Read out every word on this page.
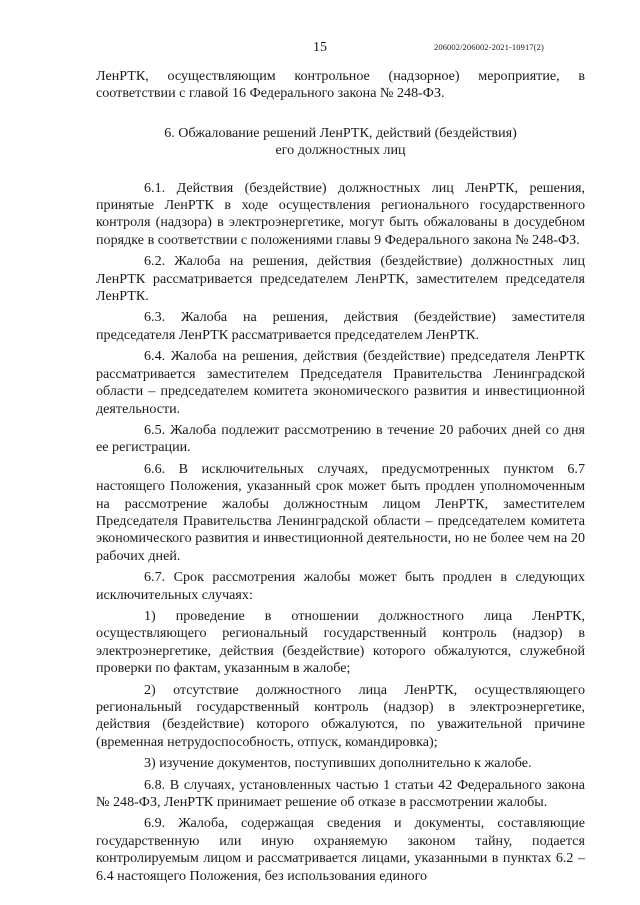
15	206002/206002-2021-10917(2)

ЛенРТК, осуществляющим контрольное (надзорное) мероприятие, в соответствии с главой 16 Федерального закона № 248-ФЗ.

6. Обжалование решений ЛенРТК, действий (бездействия)
его должностных лиц

6.1. Действия (бездействие) должностных лиц ЛенРТК, решения, принятые ЛенРТК в ходе осуществления регионального государственного контроля (надзора) в электроэнергетике, могут быть обжалованы в досудебном порядке в соответствии с положениями главы 9 Федерального закона № 248-ФЗ.

6.2. Жалоба на решения, действия (бездействие) должностных лиц ЛенРТК рассматривается председателем ЛенРТК, заместителем председателя ЛенРТК.

6.3. Жалоба на решения, действия (бездействие) заместителя председателя ЛенРТК рассматривается председателем ЛенРТК.

6.4. Жалоба на решения, действия (бездействие) председателя ЛенРТК рассматривается заместителем Председателя Правительства Ленинградской области – председателем комитета экономического развития и инвестиционной деятельности.

6.5. Жалоба подлежит рассмотрению в течение 20 рабочих дней со дня ее регистрации.

6.6. В исключительных случаях, предусмотренных пунктом 6.7 настоящего Положения, указанный срок может быть продлен уполномоченным на рассмотрение жалобы должностным лицом ЛенРТК, заместителем Председателя Правительства Ленинградской области – председателем комитета экономического развития и инвестиционной деятельности, но не более чем на 20 рабочих дней.

6.7. Срок рассмотрения жалобы может быть продлен в следующих исключительных случаях:

1) проведение в отношении должностного лица ЛенРТК, осуществляющего региональный государственный контроль (надзор) в электроэнергетике, действия (бездействие) которого обжалуются, служебной проверки по фактам, указанным в жалобе;

2) отсутствие должностного лица ЛенРТК, осуществляющего региональный государственный контроль (надзор) в электроэнергетике, действия (бездействие) которого обжалуются, по уважительной причине (временная нетрудоспособность, отпуск, командировка);

3) изучение документов, поступивших дополнительно к жалобе.

6.8. В случаях, установленных частью 1 статьи 42 Федерального закона № 248-ФЗ, ЛенРТК принимает решение об отказе в рассмотрении жалобы.

6.9. Жалоба, содержащая сведения и документы, составляющие государственную или иную охраняемую законом тайну, подается контролируемым лицом и рассматривается лицами, указанными в пунктах 6.2 – 6.4 настоящего Положения, без использования единого
